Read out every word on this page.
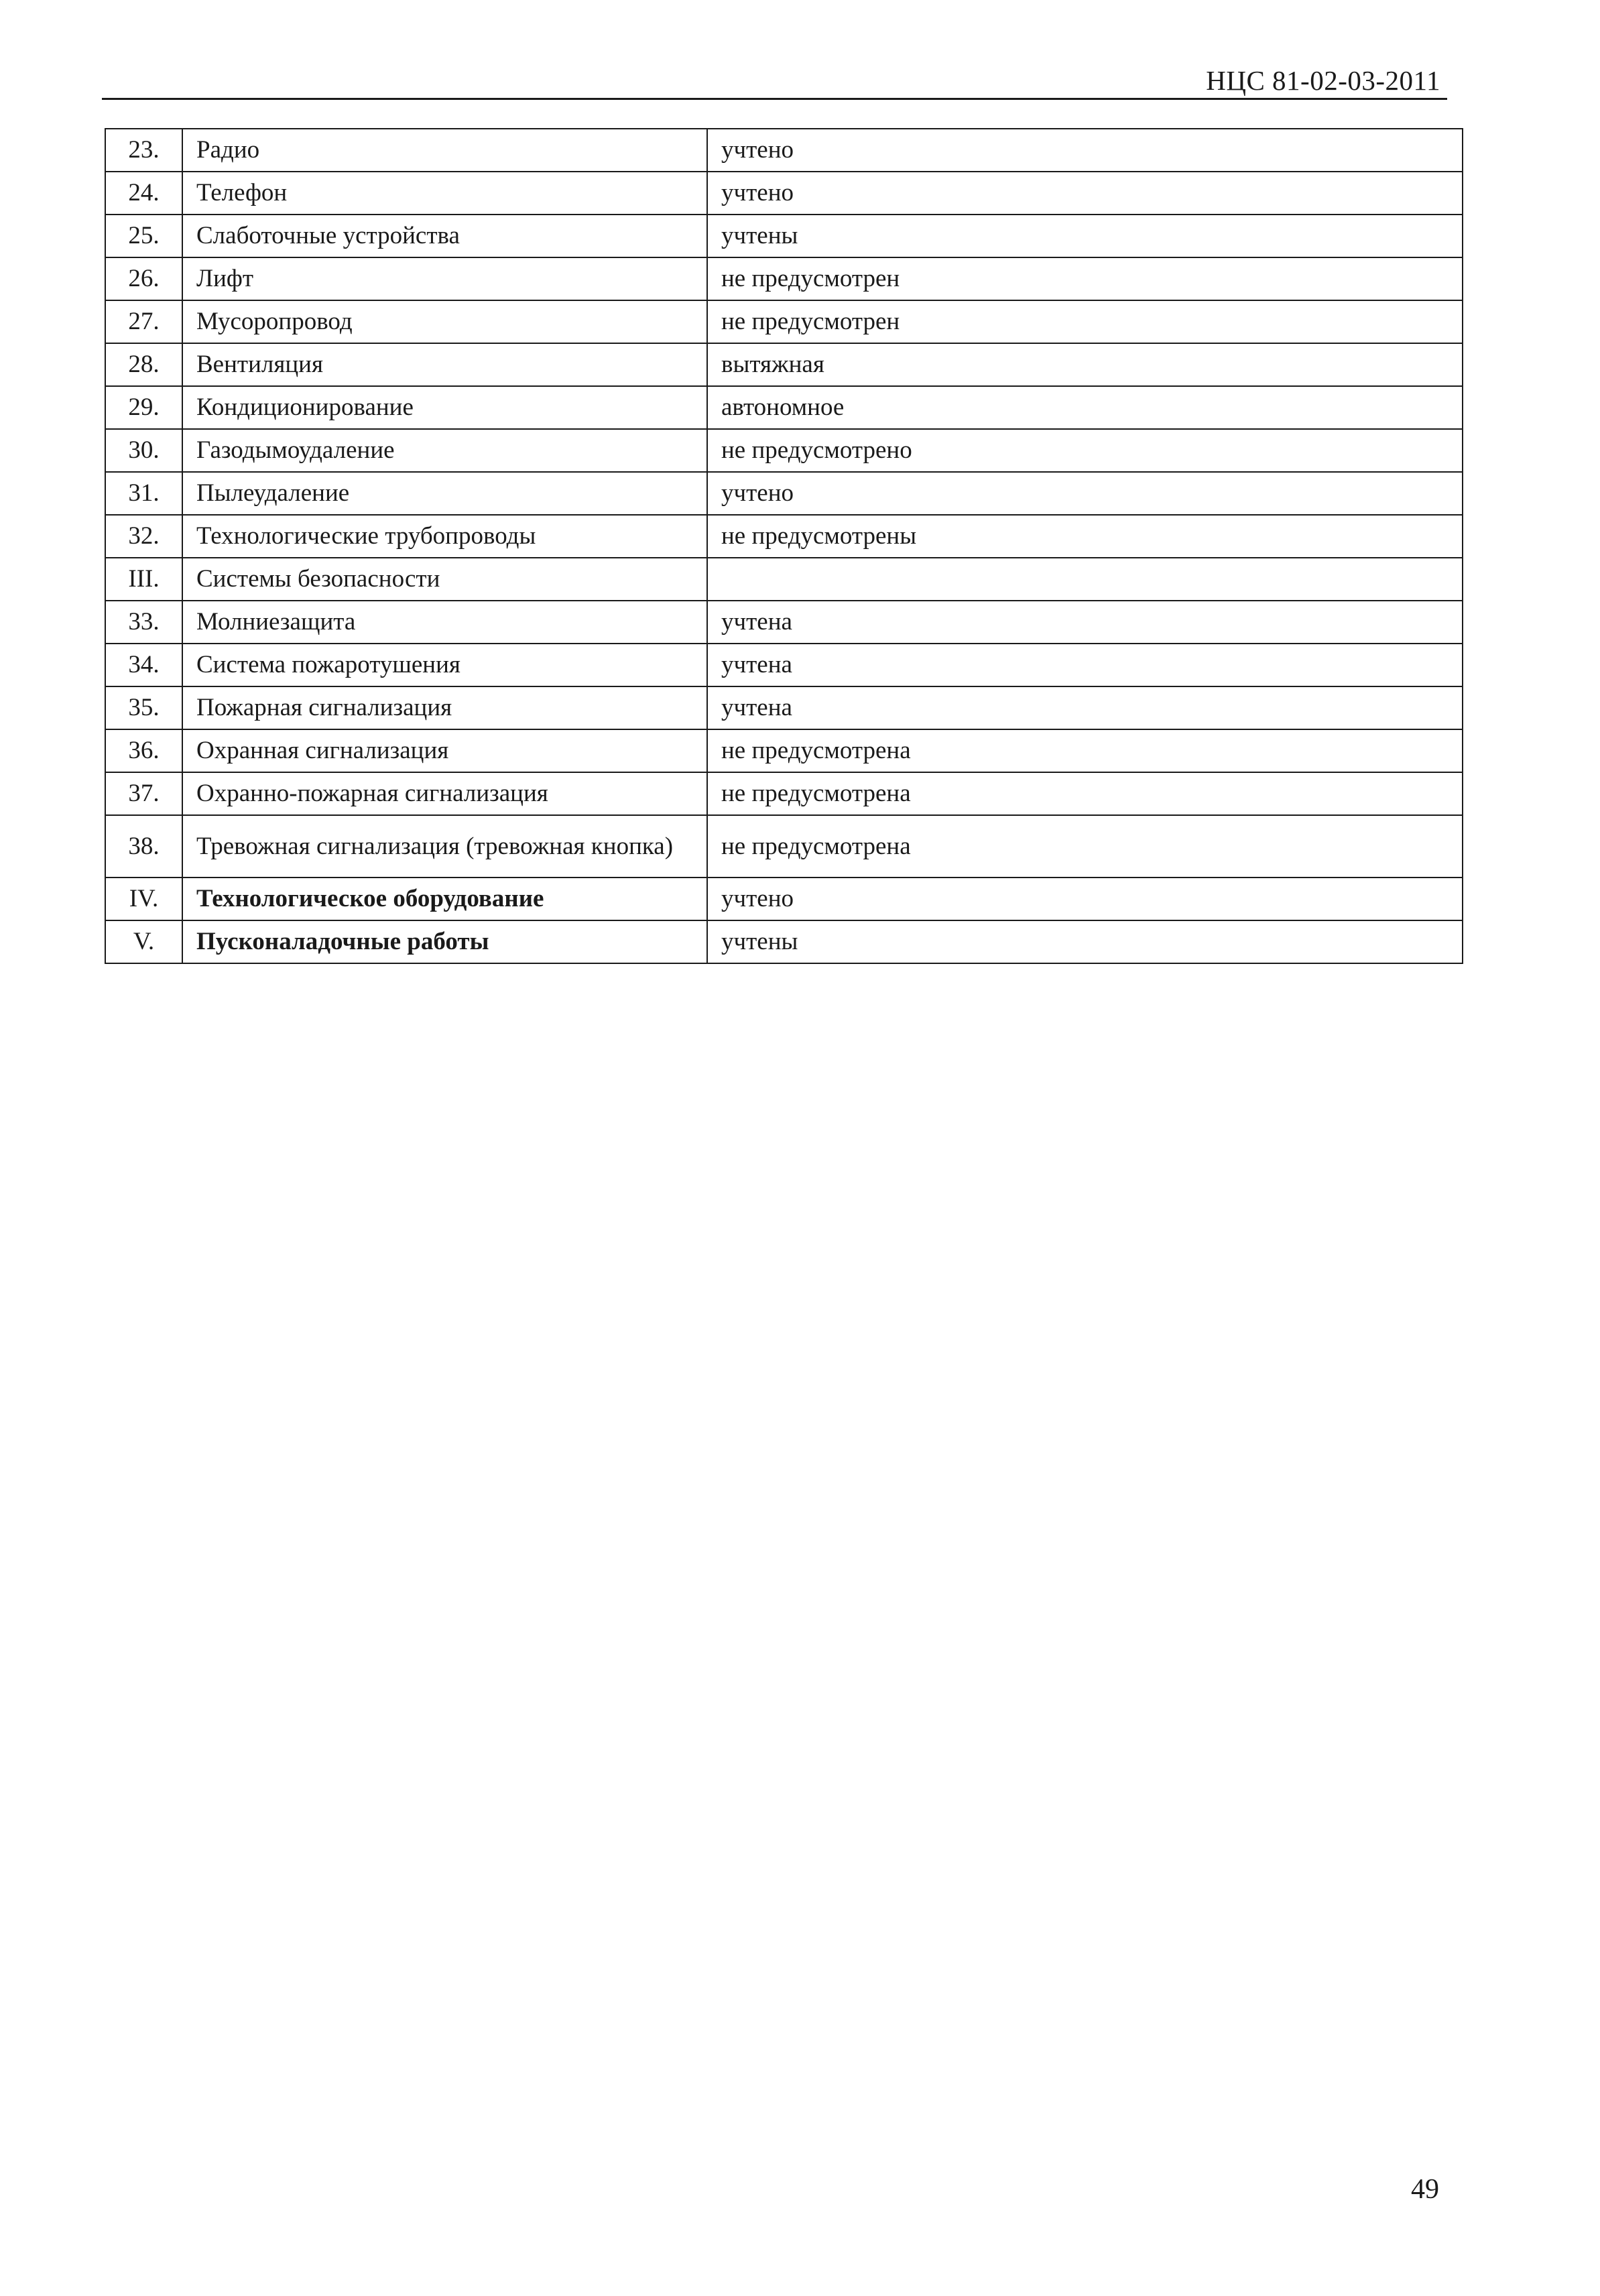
НЦС 81-02-03-2011
23.	Радио	учтено
24.	Телефон	учтено
25.	Слаботочные устройства	учтены
26.	Лифт	не предусмотрен
27.	Мусоропровод	не предусмотрен
28.	Вентиляция	вытяжная
29.	Кондиционирование	автономное
30.	Газодымоудаление	не предусмотрено
31.	Пылеудаление	учтено
32.	Технологические трубопроводы	не предусмотрены
III.	Системы безопасности	
33.	Молниезащита	учтена
34.	Система пожаротушения	учтена
35.	Пожарная сигнализация	учтена
36.	Охранная сигнализация	не предусмотрена
37.	Охранно-пожарная сигнализация	не предусмотрена
38.	Тревожная сигнализация (тревожная кнопка)	не предусмотрена
IV.	Технологическое оборудование	учтено
V.	Пусконаладочные работы	учтены
49
